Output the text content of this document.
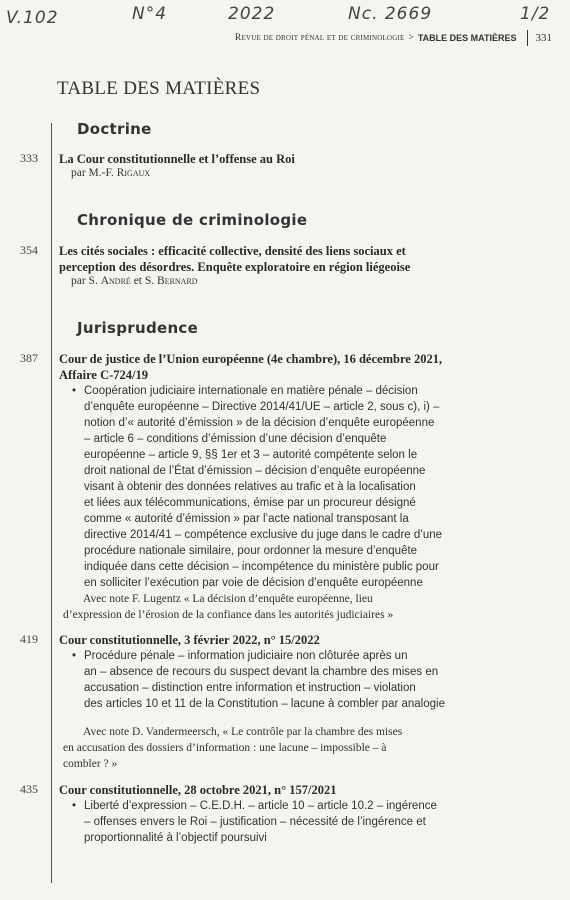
V.102	N°4	2022	Nc. 2669	1/2
Revue de droit pénal et de criminologie > TABLE DES MATIÈRES	331
TABLE DES MATIÈRES
Doctrine
Chronique de criminologie
Jurisprudence
333 La Cour constitutionnelle et l’offense au Roi
par M.-F. Rigaux
354 Les cités sociales : efficacité collective, densité des liens sociaux et
perception des désordres. Enquête exploratoire en région liégeoise
par S. André et S. Bernard
387 Cour de justice de l’Union européenne (4e chambre), 16 décembre 2021,
Affaire C-724/19
• Coopération judiciaire internationale en matière pénale – décision
d’enquête européenne – Directive 2014/41/UE – article 2, sous c), i) –
notion d’« autorité d’émission » de la décision d’enquête européenne
– article 6 – conditions d’émission d’une décision d’enquête
européenne – article 9, §§ 1er et 3 – autorité compétente selon le
droit national de l’État d’émission – décision d’enquête européenne
visant à obtenir des données relatives au trafic et à la localisation
et liées aux télécommunications, émise par un procureur désigné
comme « autorité d’émission » par l’acte national transposant la
directive 2014/41 – compétence exclusive du juge dans le cadre d’une
procédure nationale similaire, pour ordonner la mesure d’enquête
indiquée dans cette décision – incompétence du ministère public pour
en solliciter l’exécution par voie de décision d’enquête européenne
Avec note F. Lugentz « La décision d’enquête européenne, lieu
d’expression de l’érosion de la confiance dans les autorités judiciaires »
419 Cour constitutionnelle, 3 février 2022, n° 15/2022
• Procédure pénale – information judiciaire non clôturée après un
an – absence de recours du suspect devant la chambre des mises en
accusation – distinction entre information et instruction – violation
des articles 10 et 11 de la Constitution – lacune à combler par analogie
Avec note D. Vandermeersch, « Le contrôle par la chambre des mises
en accusation des dossiers d’information : une lacune – impossible – à
combler ? »
435 Cour constitutionnelle, 28 octobre 2021, n° 157/2021
• Liberté d’expression – C.E.D.H. – article 10 – article 10.2 – ingérence
– offenses envers le Roi – justification – nécessité de l’ingérence et
proportionnalité à l’objectif poursuivi
